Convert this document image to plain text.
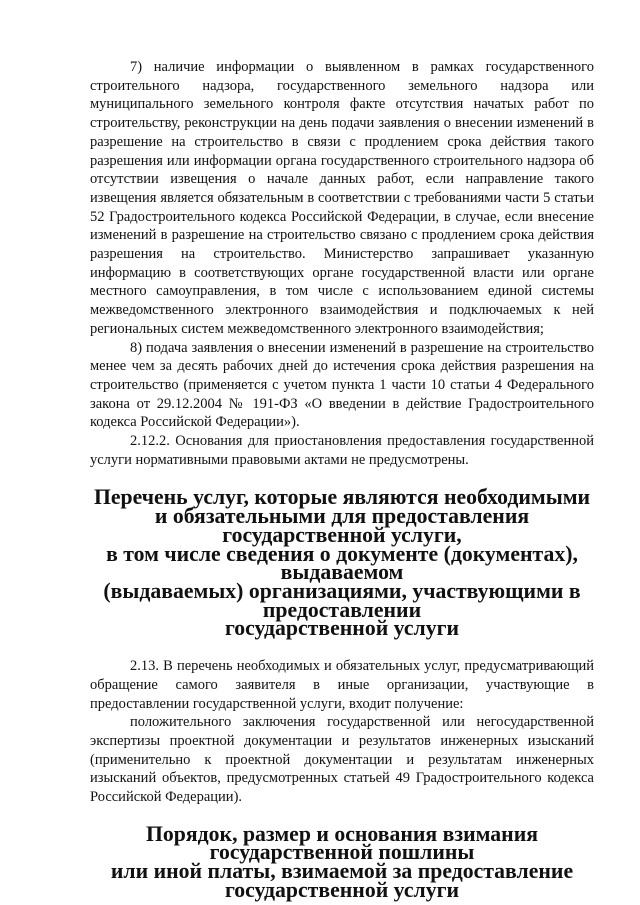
7) наличие информации о выявленном в рамках государственного строительного надзора, государственного земельного надзора или муниципального земельного контроля факте отсутствия начатых работ по строительству, реконструкции на день подачи заявления о внесении изменений в разрешение на строительство в связи с продлением срока действия такого разрешения или информации органа государственного строительного надзора об отсутствии извещения о начале данных работ, если направление такого извещения является обязательным в соответствии с требованиями части 5 статьи 52 Градостроительного кодекса Российской Федерации, в случае, если внесение изменений в разрешение на строительство связано с продлением срока действия разрешения на строительство. Министерство запрашивает указанную информацию в соответствующих органе государственной власти или органе местного самоуправления, в том числе с использованием единой системы межведомственного электронного взаимодействия и подключаемых к ней региональных систем межведомственного электронного взаимодействия;

8) подача заявления о внесении изменений в разрешение на строительство менее чем за десять рабочих дней до истечения срока действия разрешения на строительство (применяется с учетом пункта 1 части 10 статьи 4 Федерального закона от 29.12.2004 № 191-ФЗ «О введении в действие Градостроительного кодекса Российской Федерации»).

2.12.2. Основания для приостановления предоставления государственной услуги нормативными правовыми актами не предусмотрены.

Перечень услуг, которые являются необходимыми
и обязательными для предоставления государственной услуги,
в том числе сведения о документе (документах), выдаваемом
(выдаваемых) организациями, участвующими в предоставлении
государственной услуги

2.13. В перечень необходимых и обязательных услуг, предусматривающий обращение самого заявителя в иные организации, участвующие в предоставлении государственной услуги, входит получение:

положительного заключения государственной или негосударственной экспертизы проектной документации и результатов инженерных изысканий (применительно к проектной документации и результатам инженерных изысканий объектов, предусмотренных статьей 49 Градостроительного кодекса Российской Федерации).

Порядок, размер и основания взимания государственной пошлины
или иной платы, взимаемой за предоставление
государственной услуги
